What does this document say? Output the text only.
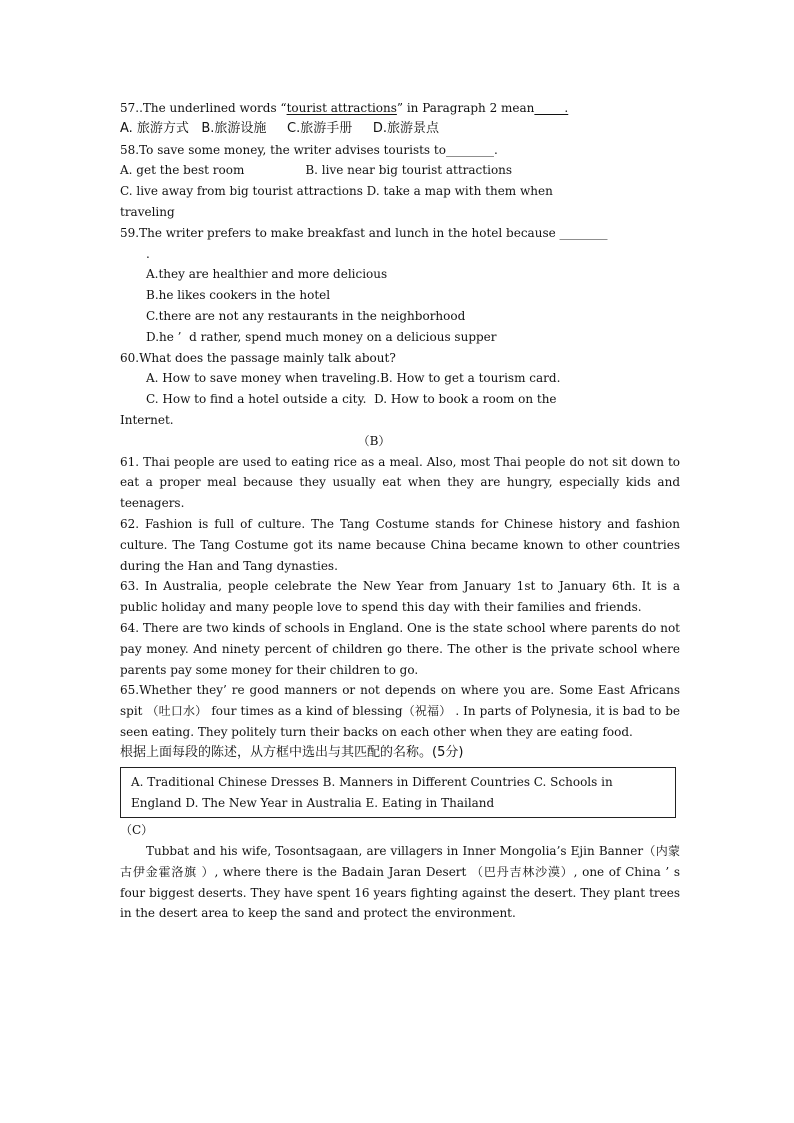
57..The underlined words “tourist attractions” in Paragraph 2 mean_____.
A. 旅游方式   B.旅游设施     C.旅游手册     D.旅游景点
58.To save some money, the writer advises tourists to________.
A. get the best room                B. live near big tourist attractions
C. live away from big tourist attractions D. take a map with them when
traveling
59.The writer prefers to make breakfast and lunch in the hotel because ________
.
A.they are healthier and more delicious
B.he likes cookers in the hotel
C.there are not any restaurants in the neighborhood
D.he ’  d rather, spend much money on a delicious supper
60.What does the passage mainly talk about?
A. How to save money when traveling.B. How to get a tourism card.
C. How to find a hotel outside a city.  D. How to book a room on the
Internet.
（B）
61. Thai people are used to eating rice as a meal. Also, most Thai people do not sit down to eat a proper meal because they usually eat when they are hungry, especially kids and teenagers.
62. Fashion is full of culture. The Tang Costume stands for Chinese history and fashion culture. The Tang Costume got its name because China became known to other countries during the Han and Tang dynasties.
63. In Australia, people celebrate the New Year from January 1st to January 6th. It is a public holiday and many people love to spend this day with their families and friends.
64. There are two kinds of schools in England. One is the state school where parents do not pay money. And ninety percent of children go there. The other is the private school where parents pay some money for their children to go.
65.Whether they’ re good manners or not depends on where you are. Some East Africans spit （吐口水） four times as a kind of blessing（祝福） . In parts of Polynesia, it is bad to be seen eating. They politely turn their backs on each other when they are eating food.
根据上面每段的陈述，从方框中选出与其匹配的名称。(5分)
A. Traditional Chinese Dresses B. Manners in Different Countries C. Schools in England D. The New Year in Australia E. Eating in Thailand
（C）
Tubbat and his wife, Tosontsagaan, are villagers in Inner Mongolia’s Ejin Banner（内蒙古伊金霍洛旗 ）, where there is the Badain Jaran Desert （巴丹吉林沙漠）, one of China ’ s four biggest deserts. They have spent 16 years fighting against the desert. They plant trees in the desert area to keep the sand and protect the environment.
